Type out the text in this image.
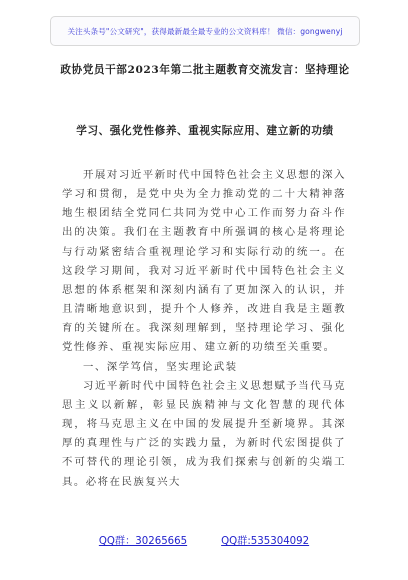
关注头条号"公文研究"，获得最新最全最专业的公文资料库！ 微信：gongwenyj
政协党员干部2023年第二批主题教育交流发言：坚持理论
学习、强化党性修养、重视实际应用、建立新的功绩

开展对习近平新时代中国特色社会主义思想的深入学习和贯彻，是党中央为全力推动党的二十大精神落地生根团结全党同仁共同为党中心工作而努力奋斗作出的决策。我们在主题教育中所强调的核心是将理论与行动紧密结合重视理论学习和实际行动的统一。在这段学习期间，我对习近平新时代中国特色社会主义思想的体系框架和深刻内涵有了更加深入的认识，并且清晰地意识到，提升个人修养，改进自我是主题教育的关键所在。我深刻理解到，坚持理论学习、强化党性修养、重视实际应用、建立新的功绩至关重要。

一、深学笃信，坚实理论武装

习近平新时代中国特色社会主义思想赋予当代马克思主义以新解，彰显民族精神与文化智慧的现代体现，将马克思主义在中国的发展提升至新境界。其深厚的真理性与广泛的实践力量，为新时代宏图提供了不可替代的理论引领，成为我们探索与创新的尖端工具。必将在民族复兴大

QQ群：30265665	QQ群:535304092
